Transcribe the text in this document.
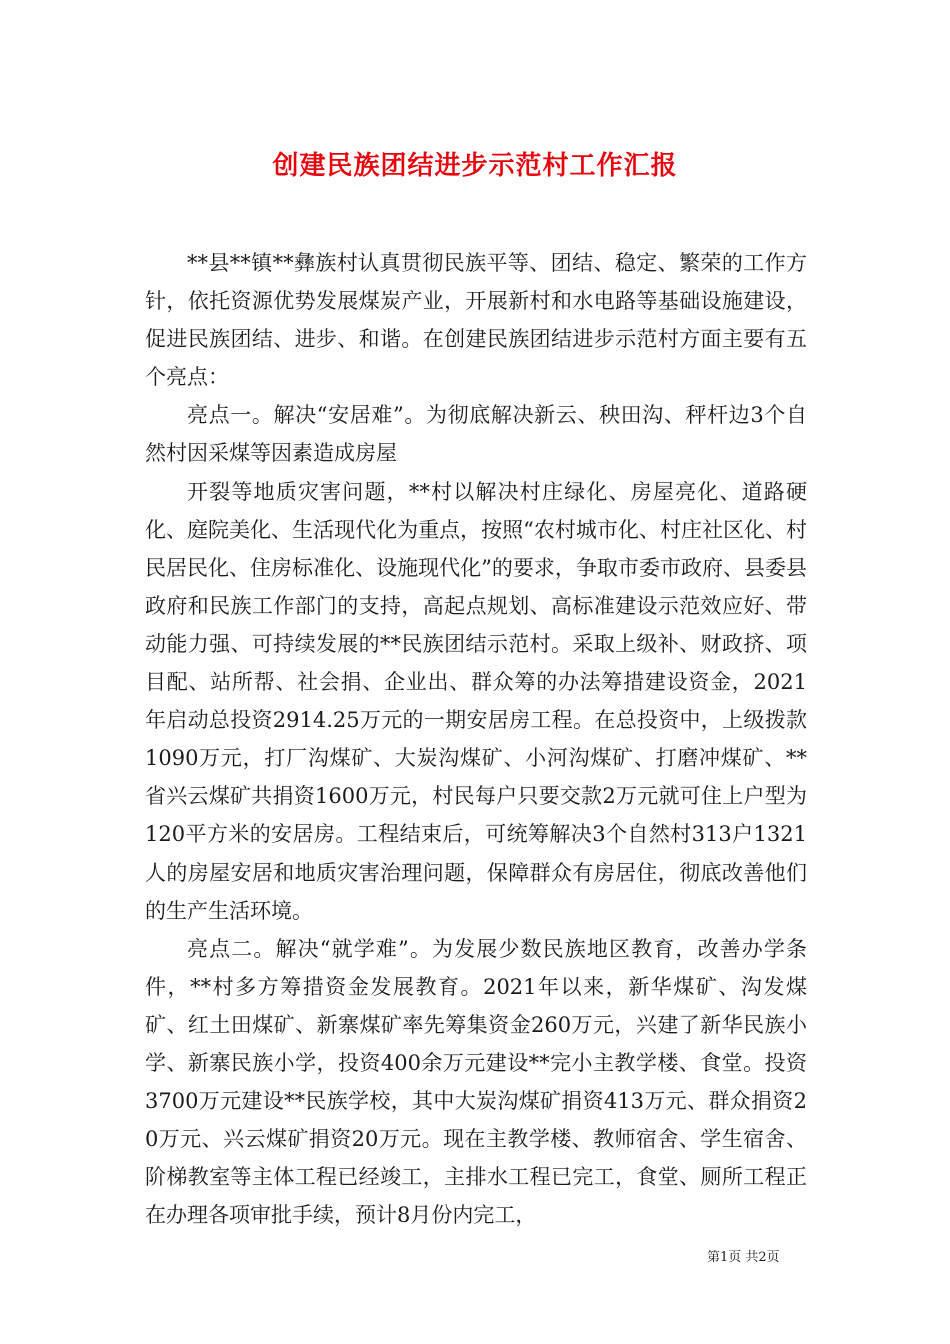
创建民族团结进步示范村工作汇报

**县**镇**彝族村认真贯彻民族平等、团结、稳定、繁荣的工作方针，依托资源优势发展煤炭产业，开展新村和水电路等基础设施建设，促进民族团结、进步、和谐。在创建民族团结进步示范村方面主要有五个亮点：

亮点一。解决“安居难”。为彻底解决新云、秧田沟、秤杆边3个自然村因采煤等因素造成房屋

开裂等地质灾害问题，**村以解决村庄绿化、房屋亮化、道路硬化、庭院美化、生活现代化为重点，按照“农村城市化、村庄社区化、村民居民化、住房标准化、设施现代化”的要求，争取市委市政府、县委县政府和民族工作部门的支持，高起点规划、高标准建设示范效应好、带动能力强、可持续发展的**民族团结示范村。采取上级补、财政挤、项目配、站所帮、社会捐、企业出、群众筹的办法筹措建设资金，2021年启动总投资2914.25万元的一期安居房工程。在总投资中，上级拨款1090万元，打厂沟煤矿、大炭沟煤矿、小河沟煤矿、打磨冲煤矿、**省兴云煤矿共捐资1600万元，村民每户只要交款2万元就可住上户型为120平方米的安居房。工程结束后，可统筹解决3个自然村313户1321人的房屋安居和地质灾害治理问题，保障群众有房居住，彻底改善他们的生产生活环境。

亮点二。解决“就学难”。为发展少数民族地区教育，改善办学条件，**村多方筹措资金发展教育。2021年以来，新华煤矿、沟发煤矿、红土田煤矿、新寨煤矿率先筹集资金260万元，兴建了新华民族小学、新寨民族小学，投资400余万元建设**完小主教学楼、食堂。投资3700万元建设**民族学校，其中大炭沟煤矿捐资413万元、群众捐资20万元、兴云煤矿捐资20万元。现在主教学楼、教师宿舍、学生宿舍、阶梯教室等主体工程已经竣工，主排水工程已完工，食堂、厕所工程正在办理各项审批手续，预计8月份内完工，

第1页 共2页
